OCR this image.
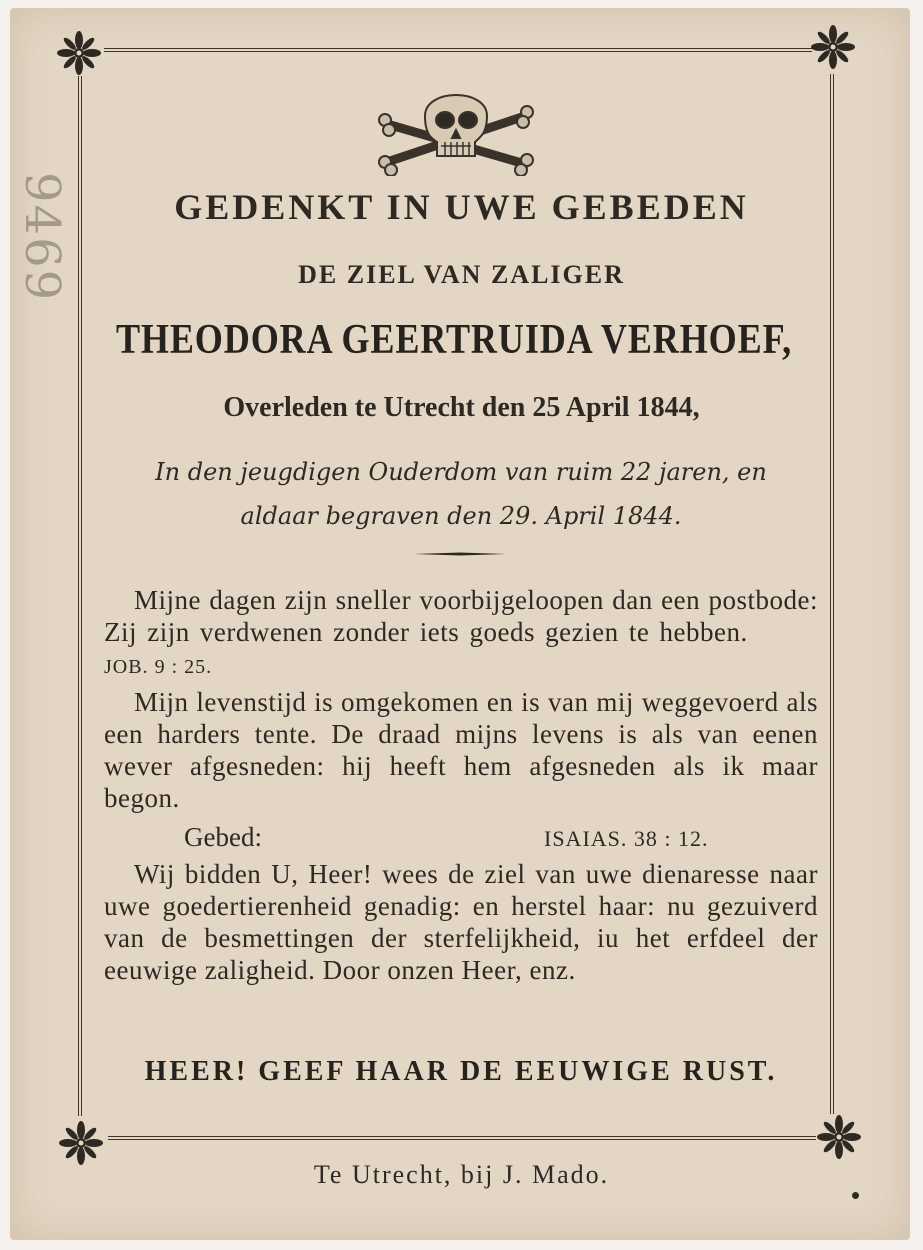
9469	GEDENKT IN UWE GEBEDEN
DE ZIEL VAN ZALIGER
THEODORA GEERTRUIDA VERHOEF,
Overleden te Utrecht den 25 April 1844,
In den jeugdigen Ouderdom van ruim 22 jaren, en
aldaar begraven den 29. April 1844.
Mijne dagen zijn sneller voorbijgeloopen dan een postbode: Zij zijn verdwenen zonder iets goeds gezien te hebben.  JOB. 9 : 25.
Mijn levenstijd is omgekomen en is van mij weggevoerd als een harders tente. De draad mijns levens is als van eenen wever afgesneden: hij heeft hem afgesneden als ik maar begon.
Gebed:	ISAIAS. 38 : 12.
Wij bidden U, Heer! wees de ziel van uwe dienaresse naar uwe goedertierenheid genadig: en herstel haar: nu gezuiverd van de besmettingen der sterfelijkheid, iu het erfdeel der eeuwige zaligheid. Door onzen Heer, enz.
HEER! GEEF HAAR DE EEUWIGE RUST.
Te Utrecht, bij J. Mado.
